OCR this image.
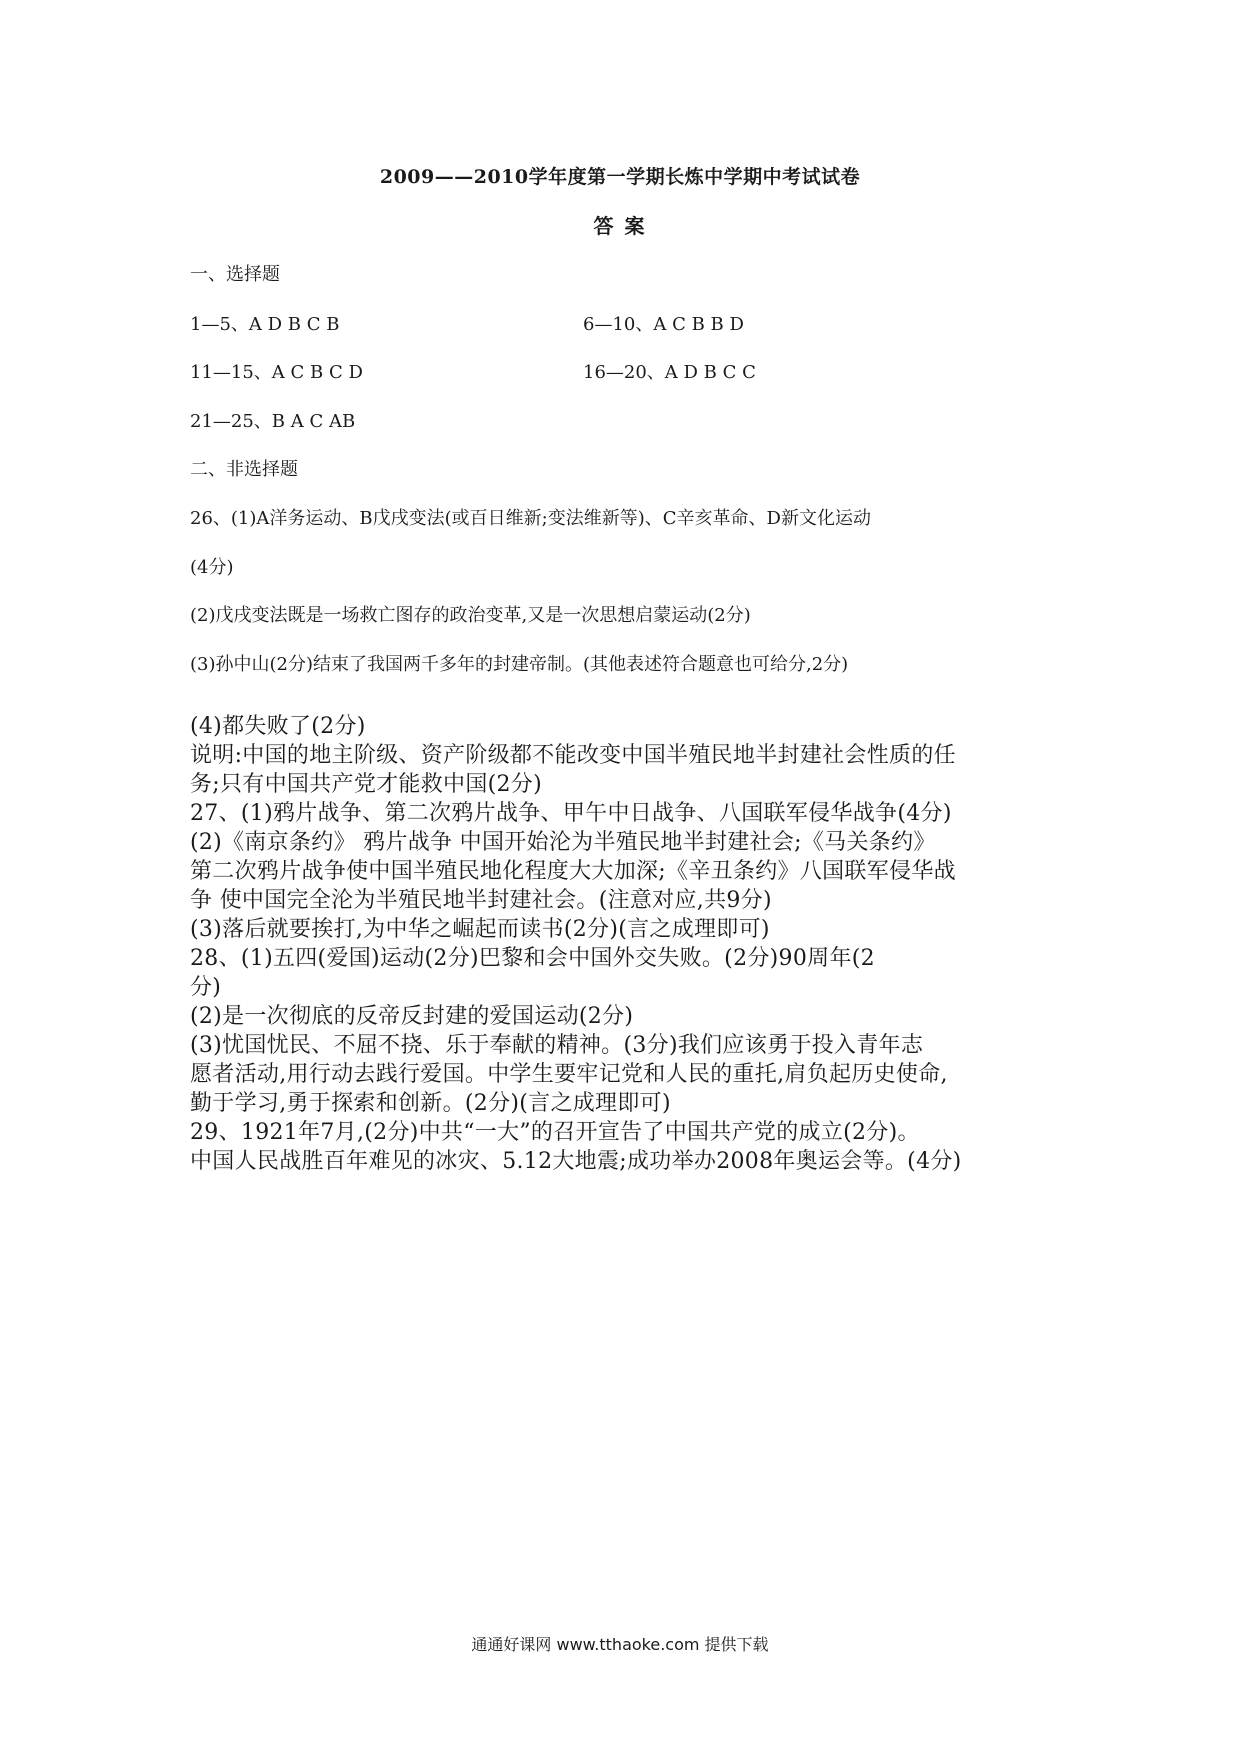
2009——2010学年度第一学期长炼中学期中考试试卷
答 案
一、选择题
1—5、A D B C B	6—10、A C B B D
11—15、A C B C D	16—20、A D B C C
21—25、B A C AB
二、非选择题
26、(1)A洋务运动、B戊戌变法(或百日维新;变法维新等)、C辛亥革命、D新文化运动
(4分)
(2)戊戌变法既是一场救亡图存的政治变革,又是一次思想启蒙运动(2分)
(3)孙中山(2分)结束了我国两千多年的封建帝制。(其他表述符合题意也可给分,2分)
(4)都失败了(2分)
说明:中国的地主阶级、资产阶级都不能改变中国半殖民地半封建社会性质的任
务;只有中国共产党才能救中国(2分)
27、(1)鸦片战争、第二次鸦片战争、甲午中日战争、八国联军侵华战争(4分)
(2)《南京条约》 鸦片战争 中国开始沦为半殖民地半封建社会;《马关条约》
第二次鸦片战争使中国半殖民地化程度大大加深;《辛丑条约》八国联军侵华战
争 使中国完全沦为半殖民地半封建社会。(注意对应,共9分)
(3)落后就要挨打,为中华之崛起而读书(2分)(言之成理即可)
28、(1)五四(爱国)运动(2分)巴黎和会中国外交失败。(2分)90周年(2
分)
(2)是一次彻底的反帝反封建的爱国运动(2分)
(3)忧国忧民、不屈不挠、乐于奉献的精神。(3分)我们应该勇于投入青年志
愿者活动,用行动去践行爱国。中学生要牢记党和人民的重托,肩负起历史使命,
勤于学习,勇于探索和创新。(2分)(言之成理即可)
29、1921年7月,(2分)中共“一大”的召开宣告了中国共产党的成立(2分)。
中国人民战胜百年难见的冰灾、5.12大地震;成功举办2008年奥运会等。(4分)
通通好课网 www.tthaoke.com 提供下载
